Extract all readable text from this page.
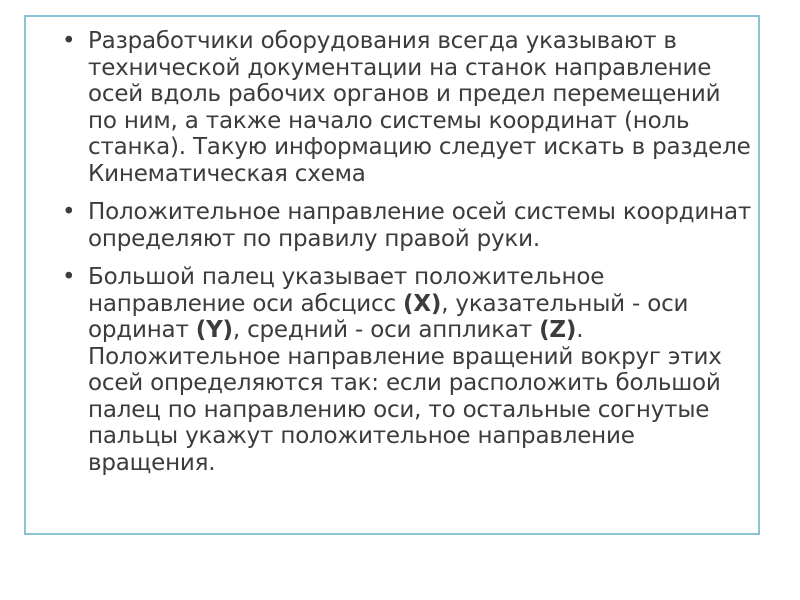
• Разработчики оборудования всегда указывают в технической документации на станок направление осей вдоль рабочих органов и предел перемещений по ним, а также начало системы координат (ноль станка). Такую информацию следует искать в разделе Кинематическая схема
• Положительное направление осей системы координат определяют по правилу правой руки.
• Большой палец указывает положительное направление оси абсцисс (X), указательный - оси ординат (Y), средний - оси аппликат (Z). Положительное направление вращений вокруг этих осей определяются так: если расположить большой палец по направлению оси, то остальные согнутые пальцы укажут положительное направление вращения.
